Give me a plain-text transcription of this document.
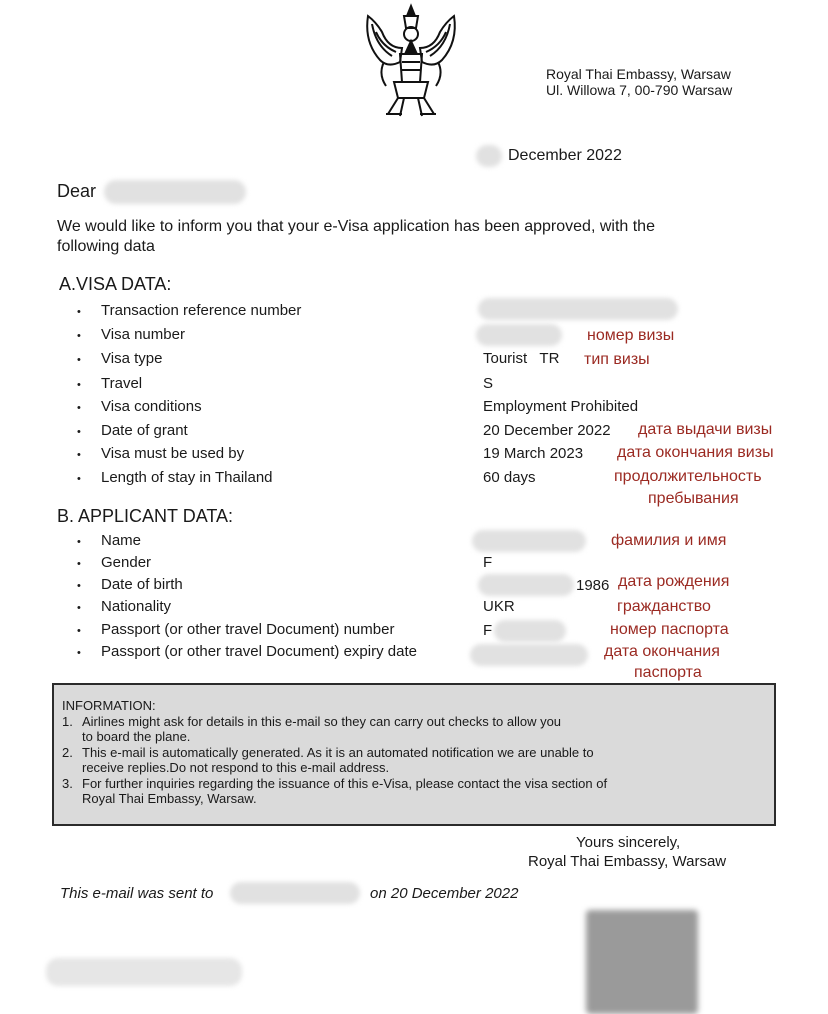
Royal Thai Embassy, Warsaw
Ul. Willowa 7, 00-790 Warsaw
December 2022
Dear
We would like to inform you that your e-Visa application has been approved, with the
following data
A.VISA DATA:
• Transaction reference number
• Visa number	номер визы
• Visa type	Tourist   TR тип визы
• Travel	S
• Visa conditions	Employment Prohibited
• Date of grant	20 December 2022 дата выдачи визы
• Visa must be used by	19 March 2023 дата окончания визы
• Length of stay in Thailand	60 days	продолжительность
пребывания
B. APPLICANT DATA:
• Name	фамилия и имя
• Gender	F
• Date of birth	1986 дата рождения
• Nationality	UKR	гражданство
• Passport (or other travel Document) number	F	номер паспорта
• Passport (or other travel Document) expiry date	дата окончания
паспорта
INFORMATION:
1. Airlines might ask for details in this e-mail so they can carry out checks to allow you
to board the plane.
2. This e-mail is automatically generated. As it is an automated notification we are unable to
receive replies.Do not respond to this e-mail address.
3. For further inquiries regarding the issuance of this e-Visa, please contact the visa section of
Royal Thai Embassy, Warsaw.
Yours sincerely,
Royal Thai Embassy, Warsaw
This e-mail was sent to	on 20 December 2022
